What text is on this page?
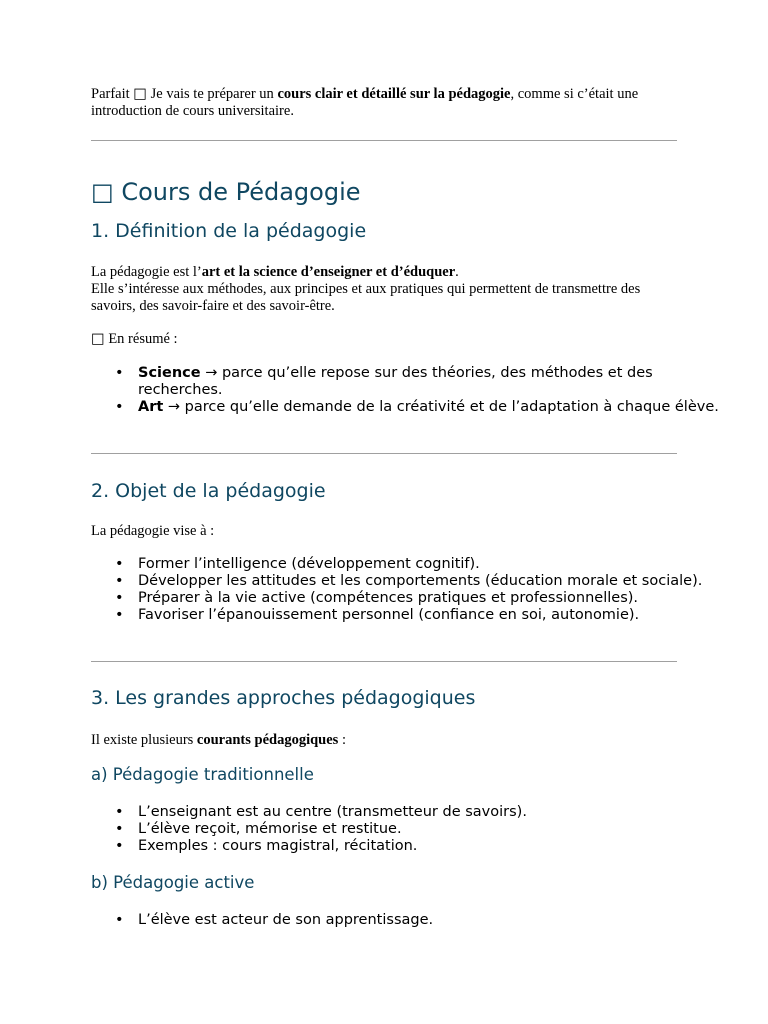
Parfait □ Je vais te préparer un cours clair et détaillé sur la pédagogie, comme si c’était une introduction de cours universitaire.

□ Cours de Pédagogie
1. Définition de la pédagogie

La pédagogie est l’art et la science d’enseigner et d’éduquer.

Elle s’intéresse aux méthodes, aux principes et aux pratiques qui permettent de transmettre des savoirs, des savoir-faire et des savoir-être.

□ En résumé :

• Science → parce qu’elle repose sur des théories, des méthodes et des recherches.
• Art → parce qu’elle demande de la créativité et de l’adaptation à chaque élève.
2. Objet de la pédagogie

La pédagogie vise à :

• Former l’intelligence (développement cognitif).
• Développer les attitudes et les comportements (éducation morale et sociale).
• Préparer à la vie active (compétences pratiques et professionnelles).
• Favoriser l’épanouissement personnel (confiance en soi, autonomie).
3. Les grandes approches pédagogiques

Il existe plusieurs courants pédagogiques :

a) Pédagogie traditionnelle
• L’enseignant est au centre (transmetteur de savoirs).
• L’élève reçoit, mémorise et restitue.
• Exemples : cours magistral, récitation.
b) Pédagogie active
• L’élève est acteur de son apprentissage.
